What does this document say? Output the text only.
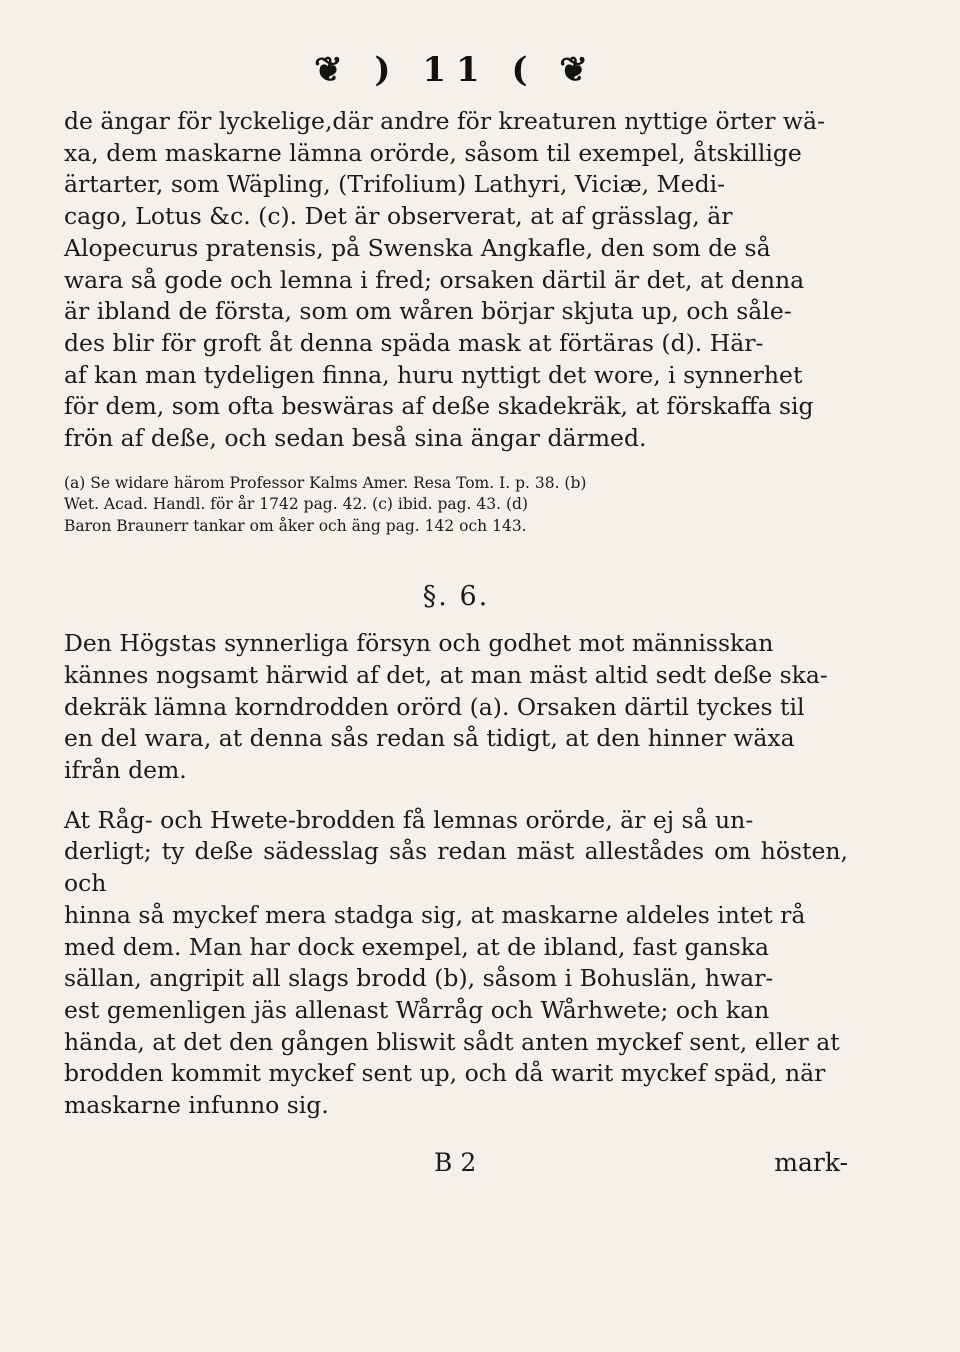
❦ ) 11 ( ❦

de ängar för lyckelige,där andre för kreaturen nyttige örter wä-
xa, dem maskarne lämna orörde, såsom til exempel, åtskillige
ärtarter, som Wäpling, (Trifolium) Lathyri, Viciæ, Medi-
cago, Lotus &c. (c). Det är observerat, at af grässlag, är
Alopecurus pratensis, på Swenska Angkafle, den som de så
wara så gode och lemna i fred; orsaken därtil är det, at denna
är ibland de första, som om wåren börjar skjuta up, och såle-
des blir för groft åt denna späda mask at förtäras (d). Här-
af kan man tydeligen finna, huru nyttigt det wore, i synnerhet
för dem, som ofta beswäras af deße skadekräk, at förskaffa sig
frön af deße, och sedan beså sina ängar därmed.

(a) Se widare härom Professor Kalms Amer. Resa Tom. I. p. 38. (b)
Wet. Acad. Handl. för år 1742 pag. 42. (c) ibid. pag. 43. (d)
Baron Braunerr tankar om åker och äng pag. 142 och 143.

§. 6.

Den Högstas synnerliga försyn och godhet mot männisskan
kännes nogsamt härwid af det, at man mäst altid sedt deße ska-
dekräk lämna korndrodden orörd (a). Orsaken därtil tyckes til
en del wara, at denna sås redan så tidigt, at den hinner wäxa
ifrån dem.

At Råg- och Hwete-brodden få lemnas orörde, är ej så un-
derligt; ty deße sädesslag sås redan mäst allestådes om hösten, och
hinna så myckef mera stadga sig, at maskarne aldeles intet rå
med dem. Man har dock exempel, at de ibland, fast ganska
sällan, angripit all slags brodd (b), såsom i Bohuslän, hwar-
est gemenligen jäs allenast Wårråg och Wårhwete; och kan
hända, at det den gången bliswit sådt anten myckef sent, eller at
brodden kommit myckef sent up, och då warit myckef späd, när
maskarne infunno sig.

B 2	mark-
